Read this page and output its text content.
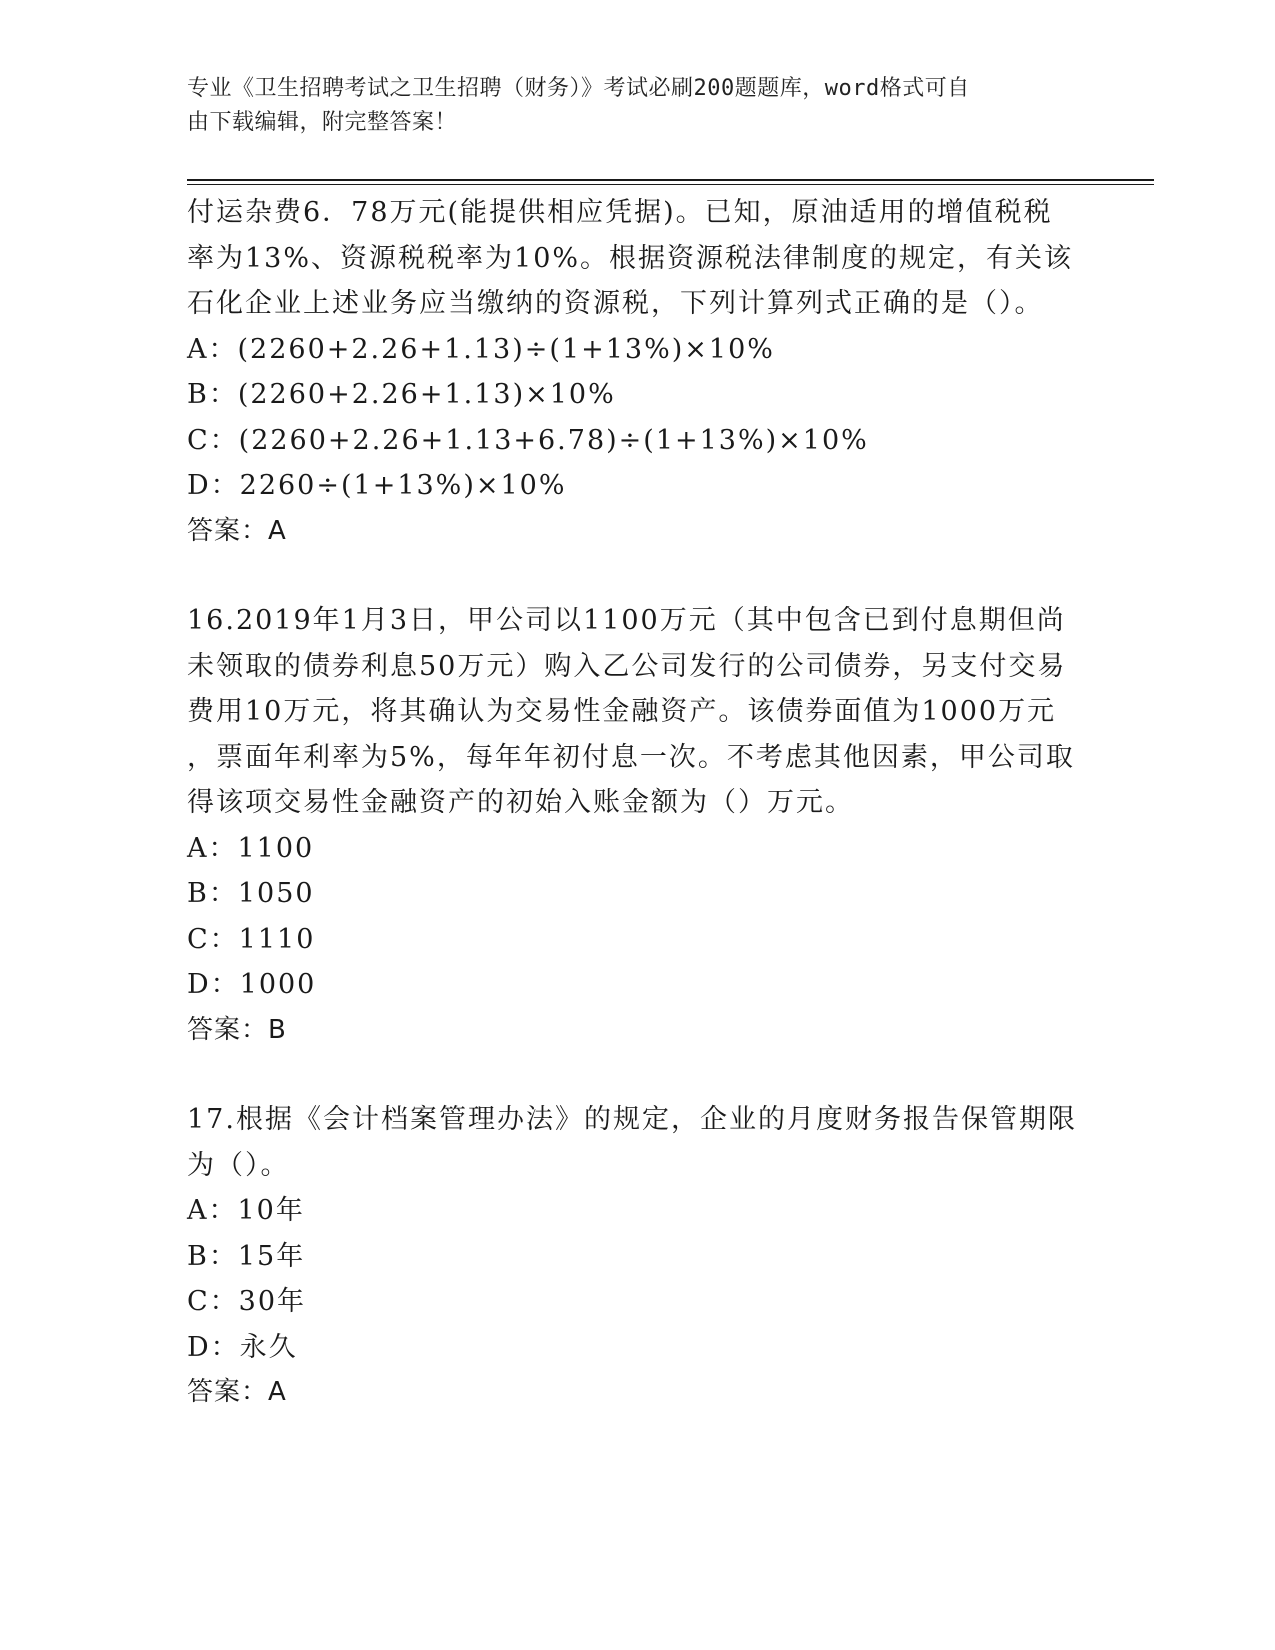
专业《卫生招聘考试之卫生招聘（财务）》考试必刷200题题库，word格式可自
由下载编辑，附完整答案！
付运杂费6．78万元(能提供相应凭据)。已知，原油适用的增值税税
率为13%、资源税税率为10%。根据资源税法律制度的规定，有关该
石化企业上述业务应当缴纳的资源税，下列计算列式正确的是（）。
A：(2260+2.26+1.13)÷(1+13%)×10%
B：(2260+2.26+1.13)×10%
C：(2260+2.26+1.13+6.78)÷(1+13%)×10%
D：2260÷(1+13%)×10%
答案：A
16.2019年1月3日，甲公司以1100万元（其中包含已到付息期但尚
未领取的债券利息50万元）购入乙公司发行的公司债券，另支付交易
费用10万元，将其确认为交易性金融资产。该债券面值为1000万元
，票面年利率为5%，每年年初付息一次。不考虑其他因素，甲公司取
得该项交易性金融资产的初始入账金额为（）万元。
A：1100
B：1050
C：1110
D：1000
答案：B
17.根据《会计档案管理办法》的规定，企业的月度财务报告保管期限
为（）。
A：10年
B：15年
C：30年
D：永久
答案：A
